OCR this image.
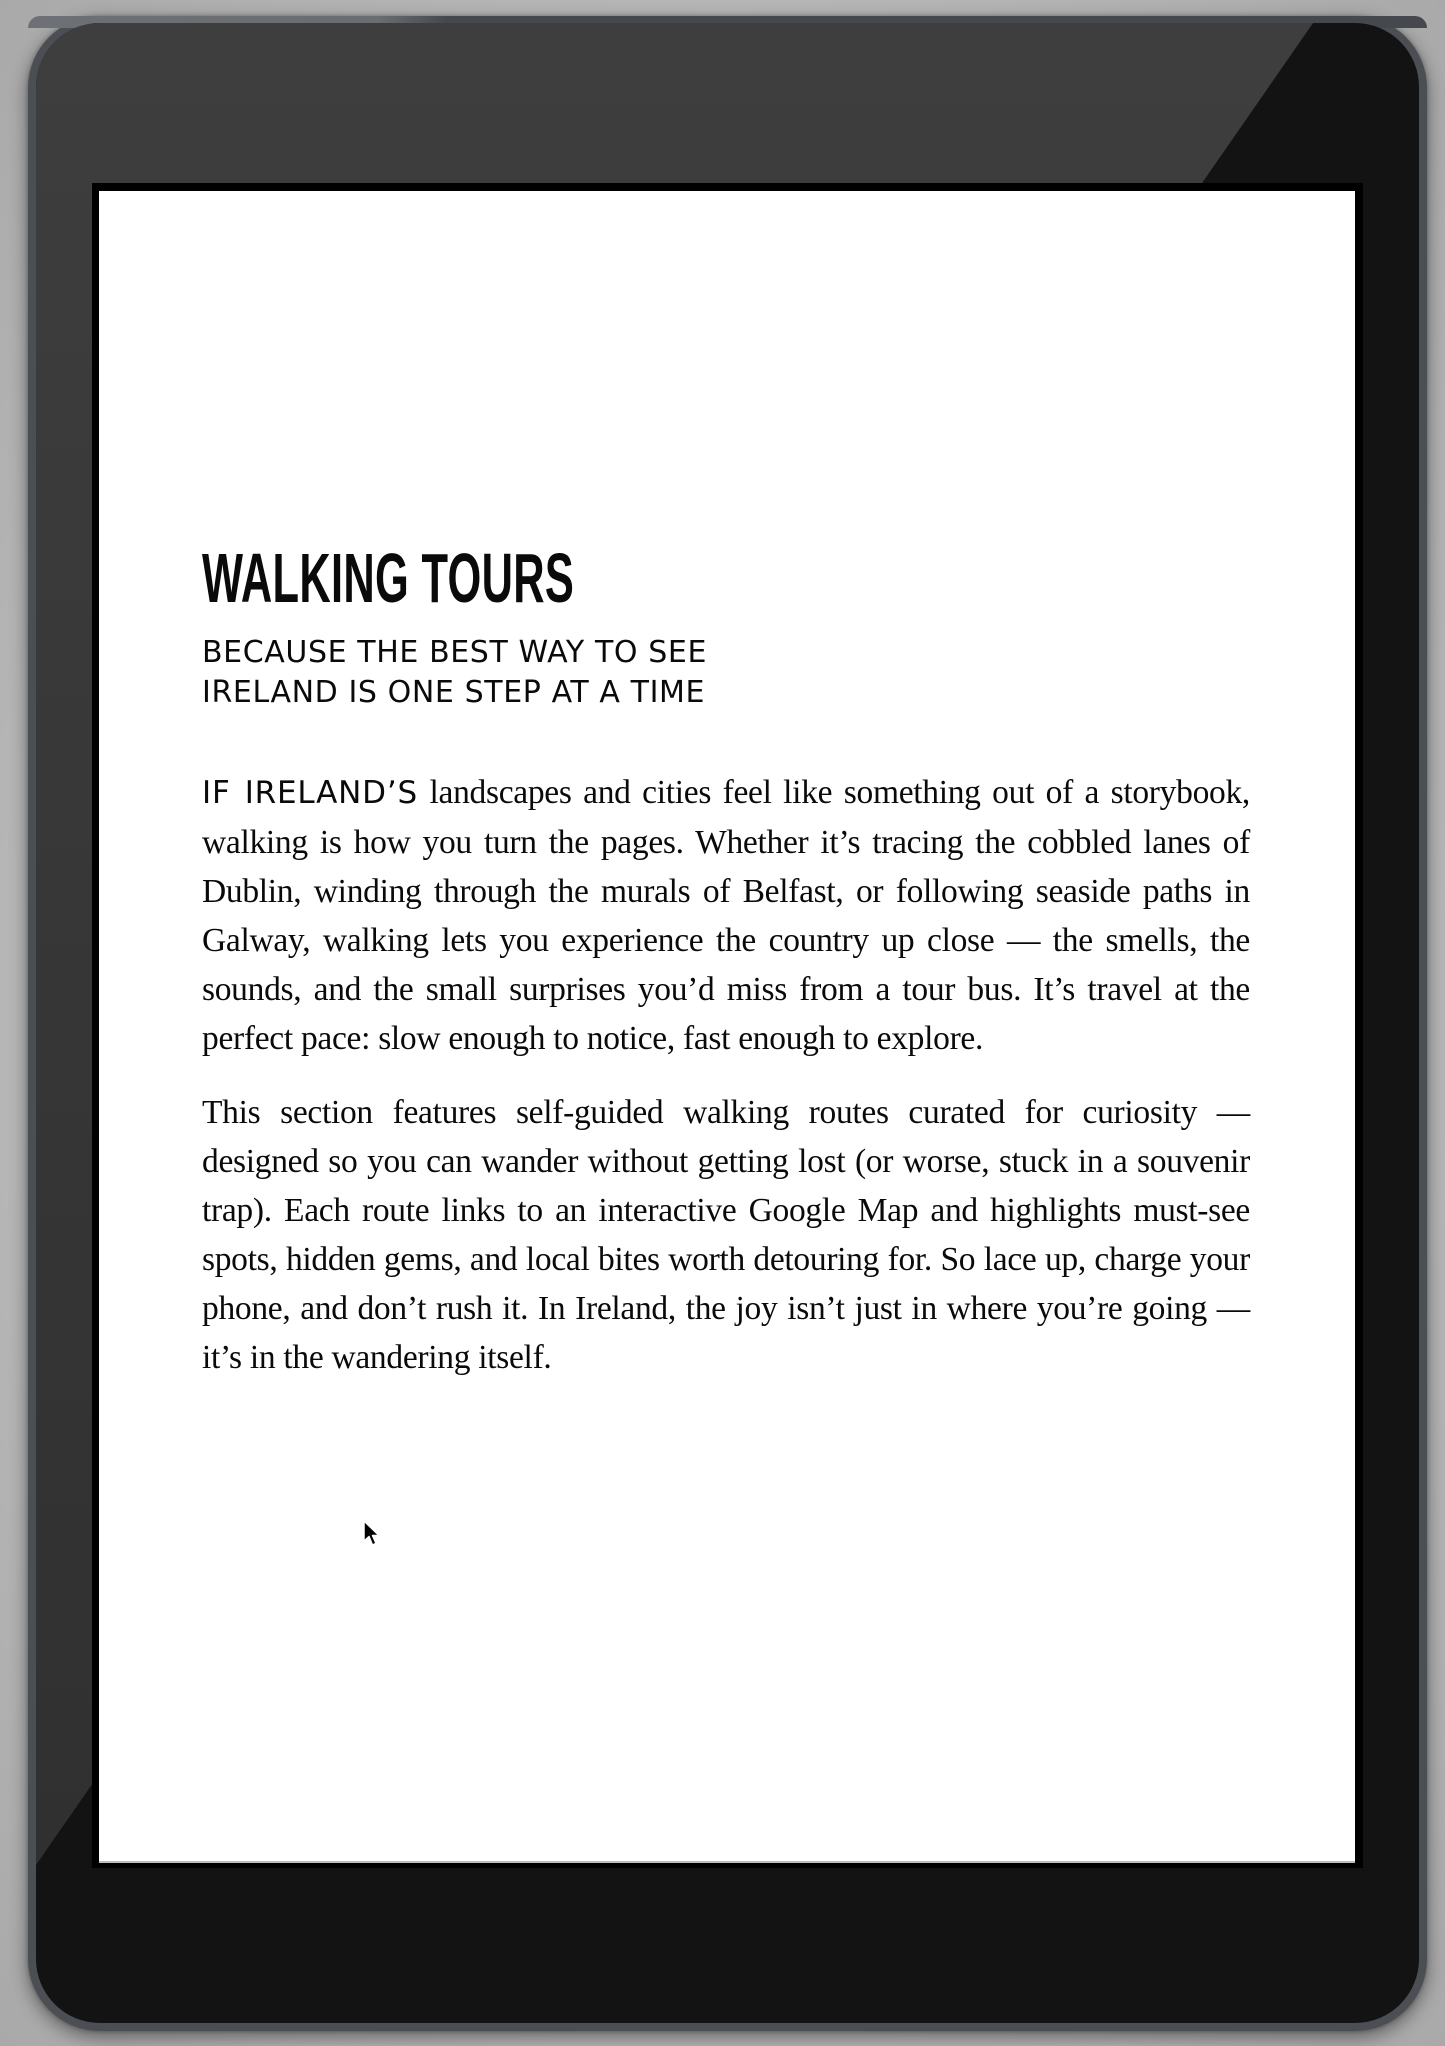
WALKING TOURS
BECAUSE THE BEST WAY TO SEE
IRELAND IS ONE STEP AT A TIME

IF IRELAND’S landscapes and cities feel like something out of a storybook, walking is how you turn the pages. Whether it’s tracing the cobbled lanes of Dublin, winding through the murals of Belfast, or following seaside paths in Galway, walking lets you experience the country up close — the smells, the sounds, and the small surprises you’d miss from a tour bus. It’s travel at the perfect pace: slow enough to notice, fast enough to explore.

This section features self-guided walking routes curated for curiosity — designed so you can wander without getting lost (or worse, stuck in a souvenir trap). Each route links to an interactive Google Map and highlights must-see spots, hidden gems, and local bites worth detouring for. So lace up, charge your phone, and don’t rush it. In Ireland, the joy isn’t just in where you’re going — it’s in the wandering itself.
